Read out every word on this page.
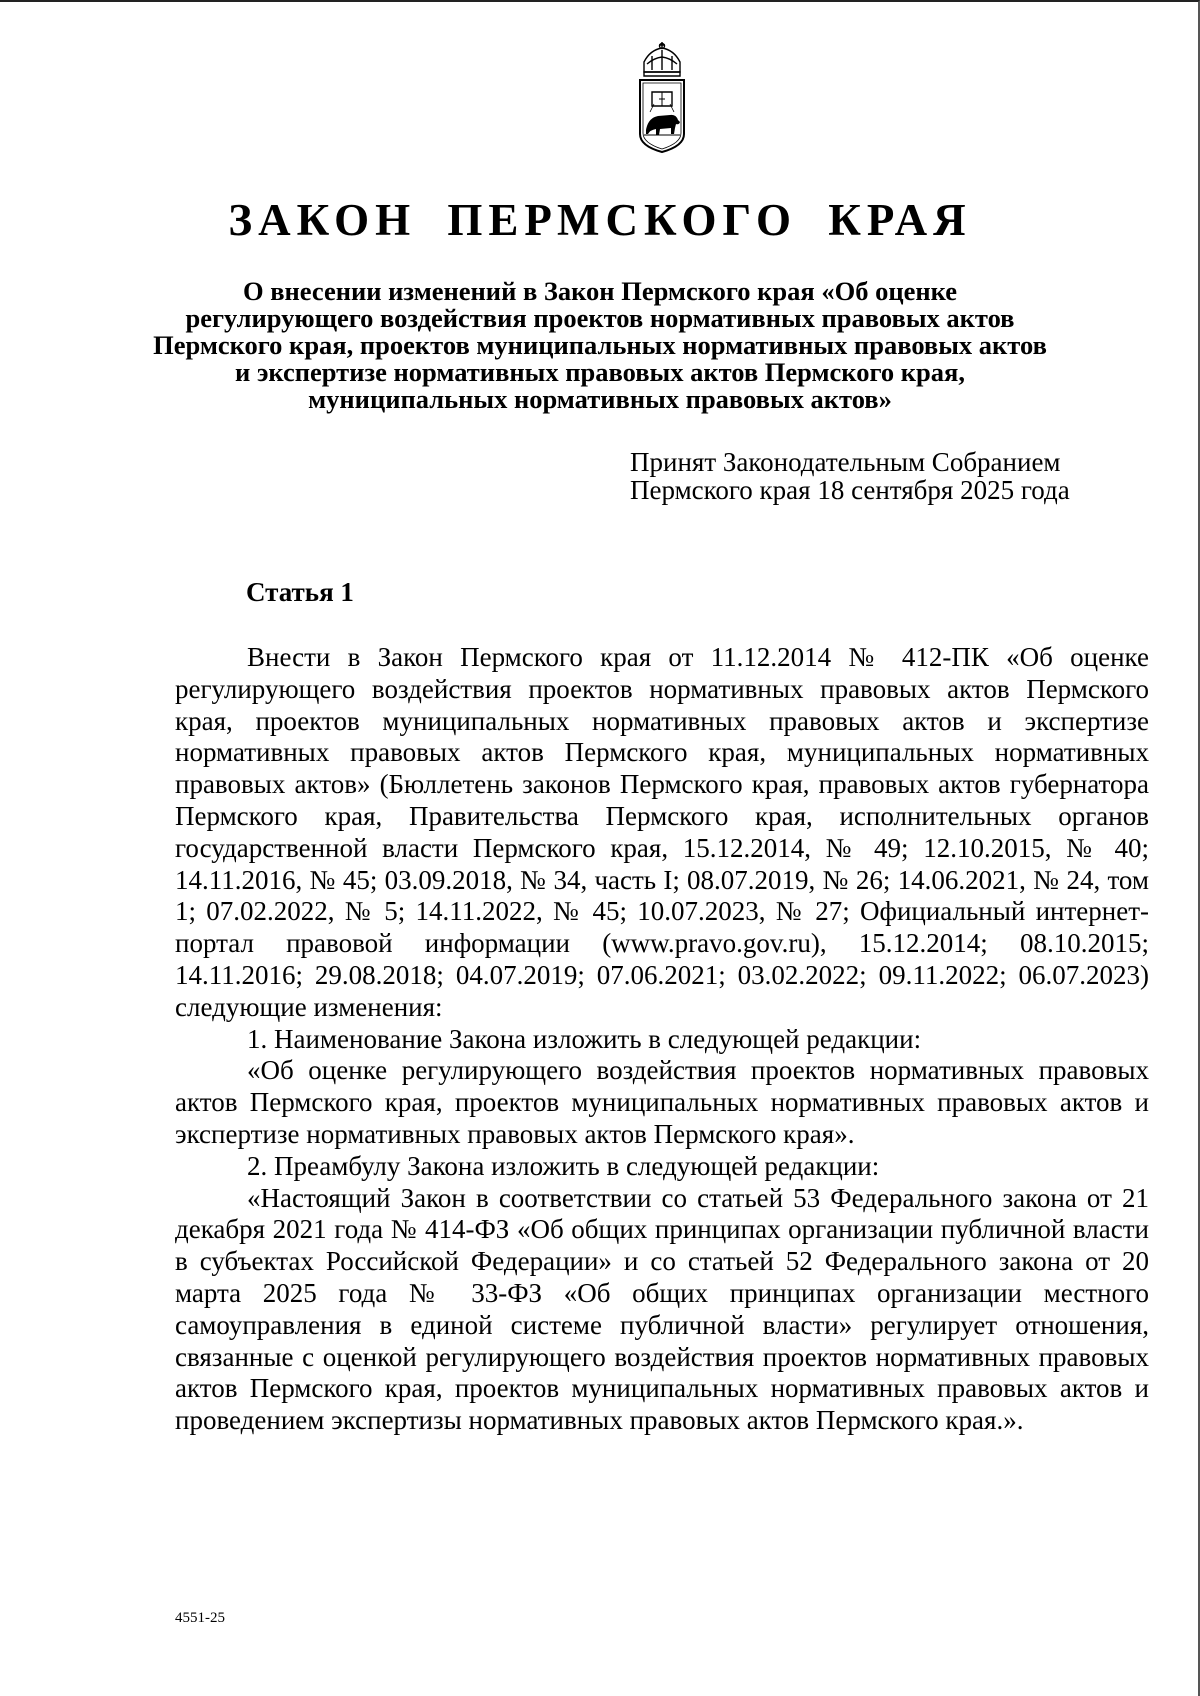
ЗАКОН ПЕРМСКОГО КРАЯ
О внесении изменений в Закон Пермского края «Об оценке
регулирующего воздействия проектов нормативных правовых актов
Пермского края, проектов муниципальных нормативных правовых актов
и экспертизе нормативных правовых актов Пермского края,
муниципальных нормативных правовых актов»
Принят Законодательным Собранием
Пермского края 18 сентября 2025 года
Статья 1

Внести в Закон Пермского края от 11.12.2014 № 412-ПК «Об оценке регулирующего воздействия проектов нормативных правовых актов Пермского края, проектов муниципальных нормативных правовых актов и экспертизе нормативных правовых актов Пермского края, муниципальных нормативных правовых актов» (Бюллетень законов Пермского края, правовых актов губернатора Пермского края, Правительства Пермского края, исполнительных органов государственной власти Пермского края, 15.12.2014, № 49; 12.10.2015, № 40; 14.11.2016, № 45; 03.09.2018, № 34, часть I; 08.07.2019, № 26; 14.06.2021, № 24, том 1; 07.02.2022, № 5; 14.11.2022, № 45; 10.07.2023, № 27; Официальный интернет-портал правовой информации (www.pravo.gov.ru), 15.12.2014; 08.10.2015; 14.11.2016; 29.08.2018; 04.07.2019; 07.06.2021; 03.02.2022; 09.11.2022; 06.07.2023) следующие изменения:

1. Наименование Закона изложить в следующей редакции:

«Об оценке регулирующего воздействия проектов нормативных правовых актов Пермского края, проектов муниципальных нормативных правовых актов и экспертизе нормативных правовых актов Пермского края».

2. Преамбулу Закона изложить в следующей редакции:

«Настоящий Закон в соответствии со статьей 53 Федерального закона от 21 декабря 2021 года № 414-ФЗ «Об общих принципах организации публичной власти в субъектах Российской Федерации» и со статьей 52 Федерального закона от 20 марта 2025 года № 33-ФЗ «Об общих принципах организации местного самоуправления в единой системе публичной власти» регулирует отношения, связанные с оценкой регулирующего воздействия проектов нормативных правовых актов Пермского края, проектов муниципальных нормативных правовых актов и проведением экспертизы нормативных правовых актов Пермского края.».

4551-25
